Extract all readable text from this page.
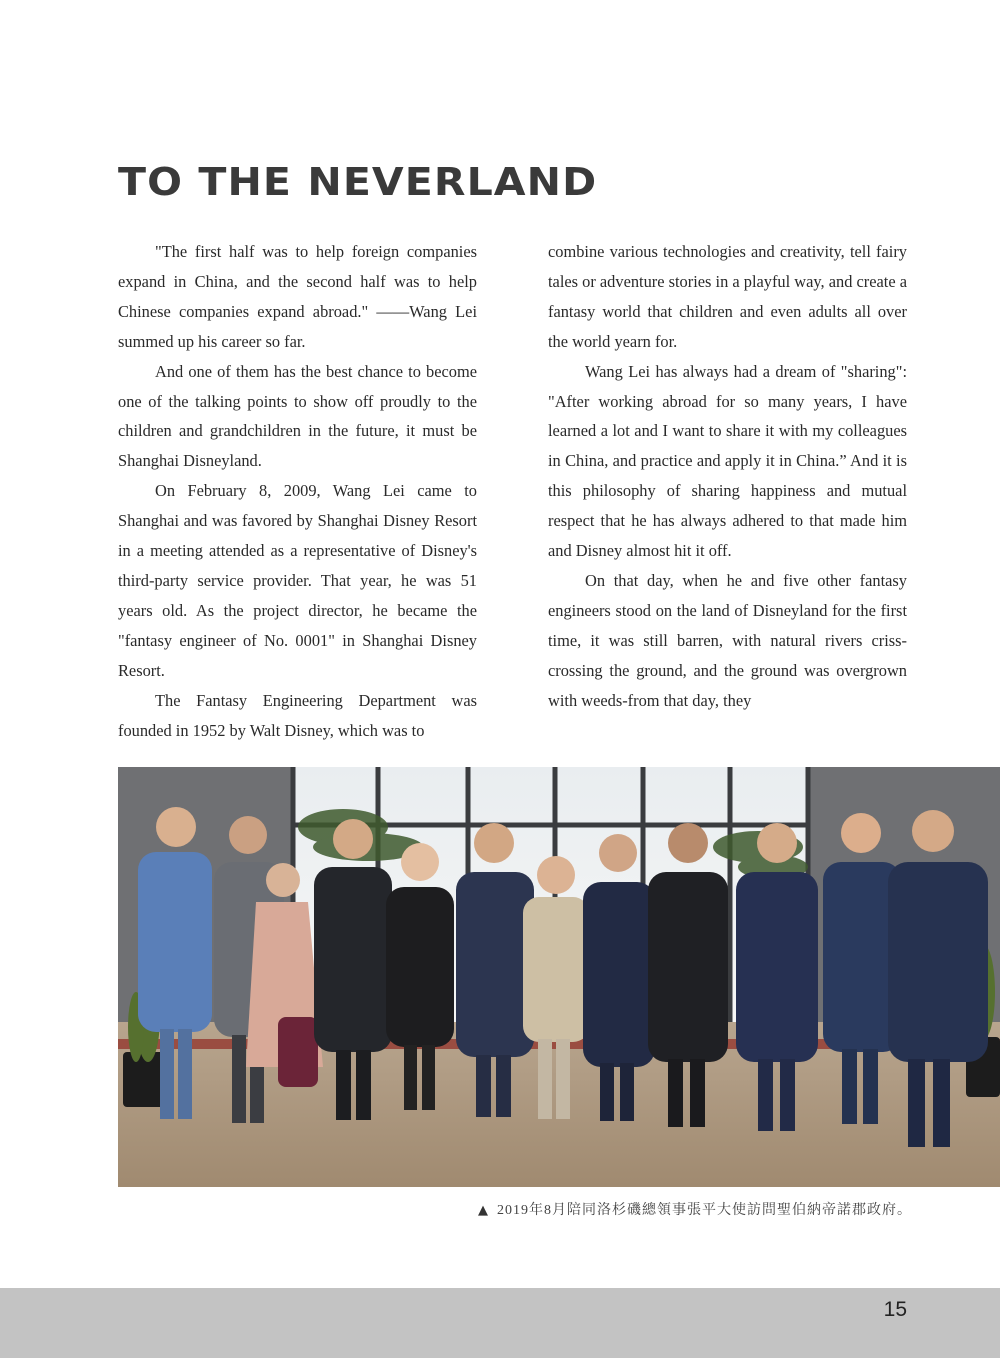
TO THE NEVERLAND

"The first half was to help foreign companies expand in China, and the second half was to help Chinese companies expand abroad." ——Wang Lei summed up his career so far.

And one of them has the best chance to become one of the talking points to show off proudly to the children and grandchildren in the future, it must be Shanghai Disneyland.

On February 8, 2009, Wang Lei came to Shanghai and was favored by Shanghai Disney Resort in a meeting attended as a representative of Disney's third-party service provider. That year, he was 51 years old. As the project director, he became the "fantasy engineer of No. 0001" in Shanghai Disney Resort.

The Fantasy Engineering Department was founded in 1952 by Walt Disney, which was to

combine various technologies and creativity, tell fairy tales or adventure stories in a playful way, and create a fantasy world that children and even adults all over the world yearn for.

Wang Lei has always had a dream of "sharing": "After working abroad for so many years, I have learned a lot and I want to share it with my colleagues in China, and practice and apply it in China.” And it is this philosophy of sharing happiness and mutual respect that he has always adhered to that made him and Disney almost hit it off.

On that day, when he and five other fantasy engineers stood on the land of Disneyland for the first time, it was still barren, with natural rivers criss-crossing the ground, and the ground was overgrown with weeds-from that day, they

▲ 2019年8月陪同洛杉磯總領事張平大使訪問聖伯納帝諾郡政府。
15
